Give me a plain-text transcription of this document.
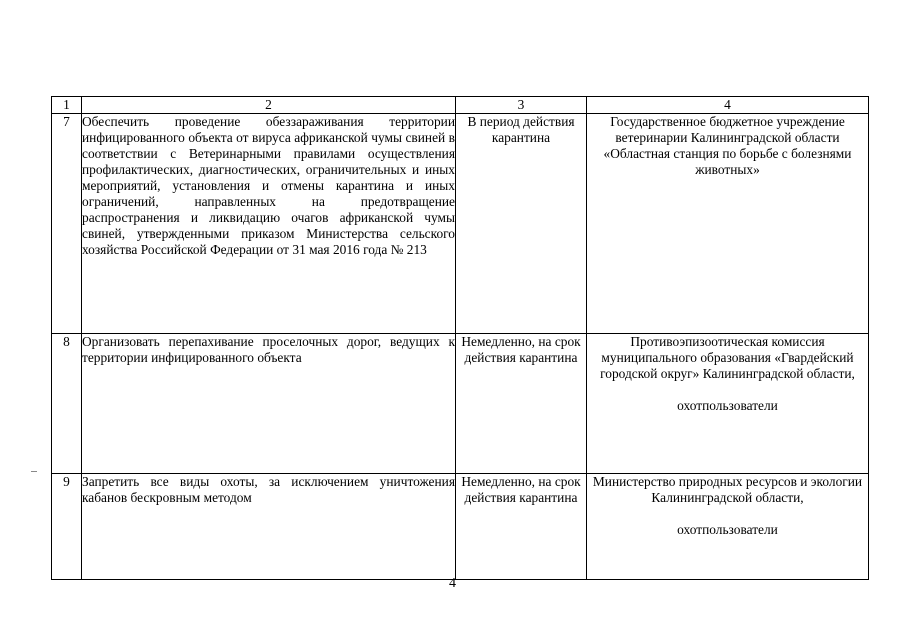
1	2	3	4
7	Обеспечить проведение обеззараживания территории инфицированного объекта от вируса африканской чумы свиней в соответствии с Ветеринарными правилами осуществления профилактических, диагностических, ограничительных и иных мероприятий, установления и отмены карантина и иных ограничений, направленных на предотвращение распространения и ликвидацию очагов африканской чумы свиней, утвержденными приказом Министерства сельского хозяйства Российской Федерации от 31 мая 2016 года № 213	В период действия карантина	Государственное бюджетное учреждение ветеринарии Калининградской области «Областная станция по борьбе с болезнями животных»
8	Организовать перепахивание проселочных дорог, ведущих к территории инфицированного объекта	Немедленно, на срок действия карантина	Противоэпизоотическая комиссия муниципального образования «Гвардейский городской округ» Калининградской области,
охотпользователи
9	Запретить все виды охоты, за исключением уничтожения кабанов бескровным методом	Немедленно, на срок действия карантина	Министерство природных ресурсов и экологии Калининградской области,
охотпользователи
4
